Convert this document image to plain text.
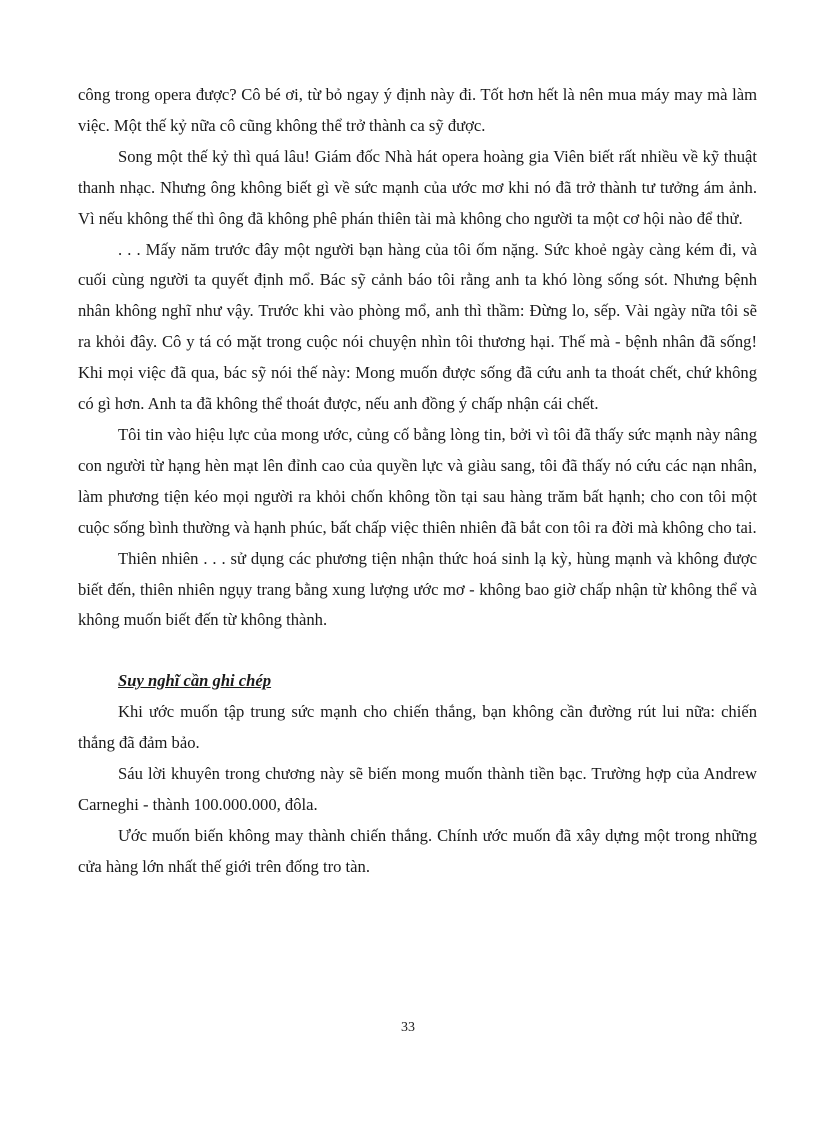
công trong opera được? Cô bé ơi, từ bỏ ngay ý định này đi. Tốt hơn hết là nên mua máy may mà làm việc. Một thế kỷ nữa cô cũng không thể trở thành ca sỹ được.

Song một thế kỷ thì quá lâu! Giám đốc Nhà hát opera hoàng gia Viên biết rất nhiều về kỹ thuật thanh nhạc. Nhưng ông không biết gì về sức mạnh của ước mơ khi nó đã trở thành tư tưởng ám ảnh. Vì nếu không thế thì ông đã không phê phán thiên tài mà không cho người ta một cơ hội nào để thử.

. . . Mấy năm trước đây một người bạn hàng của tôi ốm nặng. Sức khoẻ ngày càng kém đi, và cuối cùng người ta quyết định mổ. Bác sỹ cảnh báo tôi rằng anh ta khó lòng sống sót. Nhưng bệnh nhân không nghĩ như vậy. Trước khi vào phòng mổ, anh thì thầm: Đừng lo, sếp. Vài ngày nữa tôi sẽ ra khỏi đây. Cô y tá có mặt trong cuộc nói chuyện nhìn tôi thương hại. Thế mà - bệnh nhân đã sống! Khi mọi việc đã qua, bác sỹ nói thế này: Mong muốn được sống đã cứu anh ta thoát chết, chứ không có gì hơn. Anh ta đã không thể thoát được, nếu anh đồng ý chấp nhận cái chết.

Tôi tin vào hiệu lực của mong ước, củng cố bằng lòng tin, bởi vì tôi đã thấy sức mạnh này nâng con người từ hạng hèn mạt lên đỉnh cao của quyền lực và giàu sang, tôi đã thấy nó cứu các nạn nhân, làm phương tiện kéo mọi người ra khỏi chốn không tồn tại sau hàng trăm bất hạnh; cho con tôi một cuộc sống bình thường và hạnh phúc, bất chấp việc thiên nhiên đã bắt con tôi ra đời mà không cho tai.

Thiên nhiên . . . sử dụng các phương tiện nhận thức hoá sinh lạ kỳ, hùng mạnh và không được biết đến, thiên nhiên ngụy trang bằng xung lượng ước mơ - không bao giờ chấp nhận từ không thể và không muốn biết đến từ không thành.

Suy nghĩ cần ghi chép

Khi ước muốn tập trung sức mạnh cho chiến thắng, bạn không cần đường rút lui nữa: chiến thắng đã đảm bảo.

Sáu lời khuyên trong chương này sẽ biến mong muốn thành tiền bạc. Trường hợp của Andrew Carneghi - thành 100.000.000, đôla.

Ước muốn biến không may thành chiến thắng. Chính ước muốn đã xây dựng một trong những cửa hàng lớn nhất thế giới trên đống tro tàn.

33
